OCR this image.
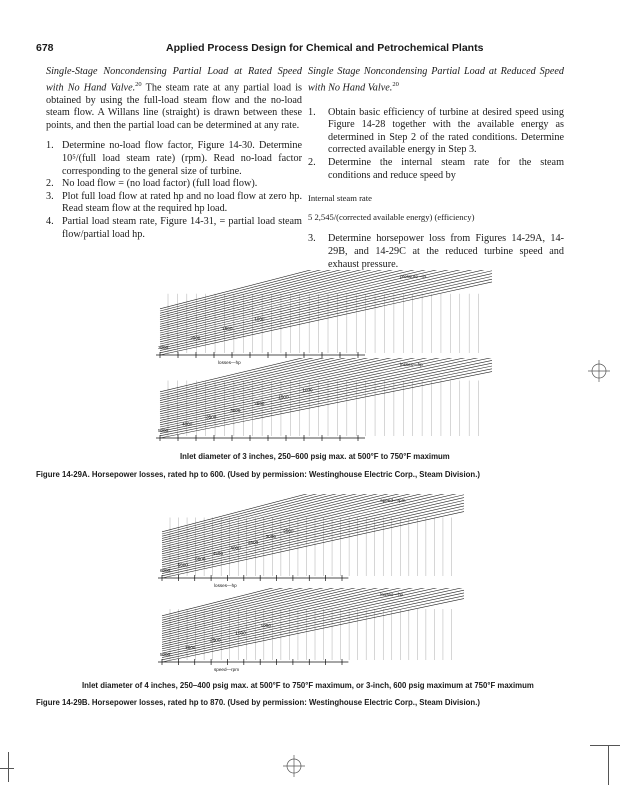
678	Applied Process Design for Chemical and Petrochemical Plants

Single-Stage Noncondensing Partial Load at Rated Speed with No Hand Valve.$^{20}$ The steam rate at any partial load is obtained by using the full-load steam flow and the no-load steam flow. A Willans line (straight) is drawn between these points, and then the partial load can be determined at any rate.

1. Determine no-load flow factor, Figure 14-30. Determine 10⁵/(full load steam rate) (rpm). Read no-load factor corresponding to the general size of turbine.
2. No load flow = (no load factor) (full load flow).
3. Plot full load flow at rated hp and no load flow at zero hp. Read steam flow at the required hp load.
4. Partial load steam rate, Figure 14-31, = partial load steam flow/partial load hp.

Single Stage Noncondensing Partial Load at Reduced Speed with No Hand Valve.$^{20}$

1. Obtain basic efficiency of turbine at desired speed using Figure 14-28 together with the available energy as determined in Step 2 of the rated conditions. Determine corrected available energy in Step 3.
2. Determine the internal steam rate for the steam conditions and reduce speed by
Internal steam rate
5 2,545/(corrected available energy) (efficiency)
3. Determine horsepower loss from Figures 14-29A, 14-29B, and 14-29C at the reduced turbine speed and exhaust pressure.
3000
2000
1500
1000
losses—hp
pressure—in.
5000
4000
3500
3000
2500
1500
1000
losses—hp
Inlet diameter of 3 inches, 250–600 psig max. at 500°F to 750°F maximum
Figure 14-29A. Horsepower losses, rated hp to 600. (Used by permission: Westinghouse Electric Corp., Steam Division.)
6000
5500
5000
4500
4000
3500
3000
2500
losses—hp
speed—rpm
5000
3000
2500
1500
1000
losses—hp
speed—rpm
Inlet diameter of 4 inches, 250–400 psig max. at 500°F to 750°F maximum, or 3-inch, 600 psig maximum at 750°F maximum
Figure 14-29B. Horsepower losses, rated hp to 870. (Used by permission: Westinghouse Electric Corp., Steam Division.)
